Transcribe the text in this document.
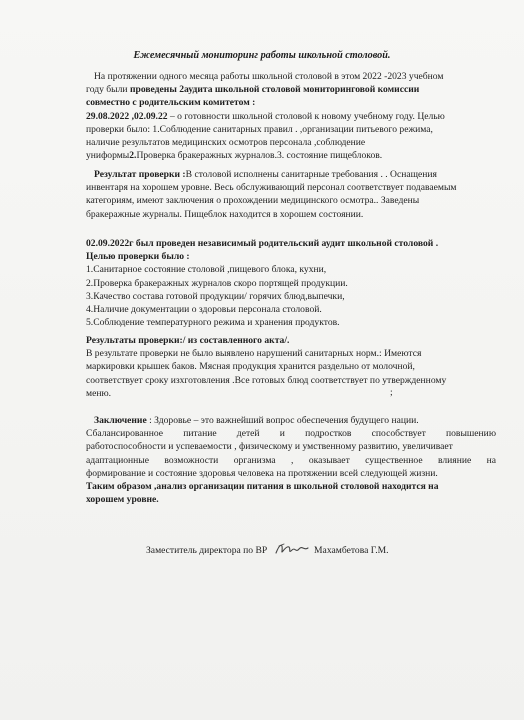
Ежемесячный мониторинг работы школьной столовой.
На протяжении одного месяца работы школьной столовой в этом 2022 -2023 учебном
году были проведены 2аудита школьной столовой мониторинговой комиссии
совместно с родительским комитетом :
29.08.2022 ,02.09.22 – о готовности школьной столовой к новому учебному году. Целью
проверки было: 1.Соблюдение санитарных правил . ,организации питьевого режима,
наличие результатов медицинских осмотров персонала ,соблюдение
униформы2.Проверка бракеражных журналов.3. состояние пищеблоков.
Результат проверки :В столовой исполнены санитарные требования . . Оснащения
инвентаря на хорошем уровне. Весь обслуживающий персонал соответствует подаваемым
категориям, имеют заключения о прохождении медицинского осмотра.. Заведены
бракеражные журналы. Пищеблок находится в хорошем состоянии.
02.09.2022г был проведен независимый родительский аудит школьной столовой .
Целью проверки было :
1.Санитарное состояние столовой ,пищевого блока, кухни,
2.Проверка бракеражных журналов скоро портящей продукции.
3.Качество состава готовой продукции/ горячих блюд,выпечки,
4.Наличие документации о здоровьи персонала столовой.
5.Соблюдение температурного режима и хранения продуктов.
Результаты проверки:/ из составленного акта/.
В результате проверки не было выявлено нарушений санитарных норм.: Имеются
маркировки крышек баков. Мясная продукция хранится раздельно от молочной,
соответствует сроку изхготовления .Все готовых блюд соответствует по утвержденному
меню.	;
Заключение : Здоровье – это важнейший вопрос обеспечения будущего нации.
Сбалансированное питание детей и подростков способствует повышению
работоспособности и успеваемости , физическому и умственному развитию, увеличивает
адаптационные возможности организма , оказывает существенное влияние на
формирование и состояние здоровья человека на протяжении всей следующей жизни.
Таким образом ,анализ организации питания в школьной столовой находится на
хорошем уровне.
Заместитель директора по ВР	Махамбетова Г.М.
